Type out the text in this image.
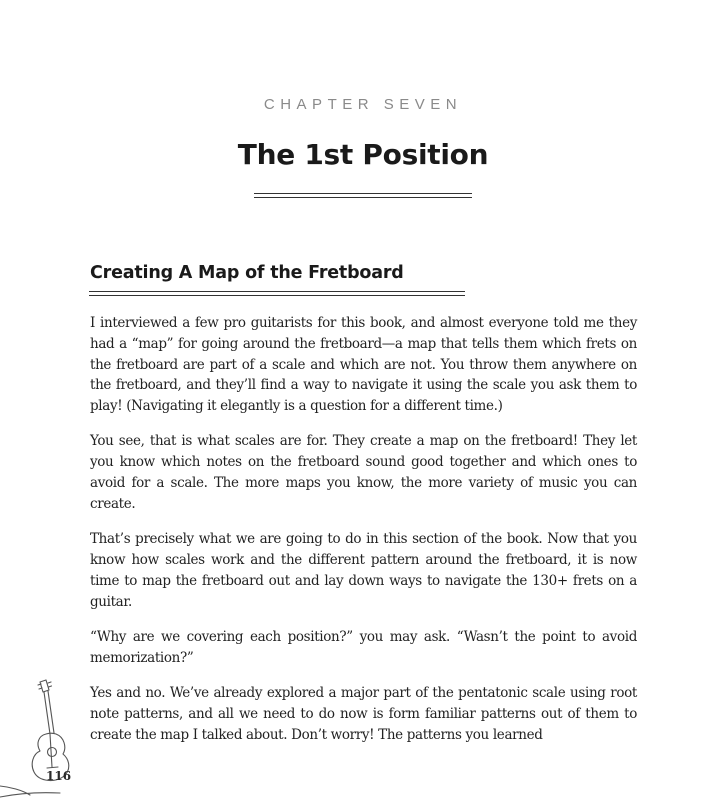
CHAPTER SEVEN
The 1st Position
Creating A Map of the Fretboard

I interviewed a few pro guitarists for this book, and almost everyone told me they had a “map” for going around the fretboard—a map that tells them which frets on the fretboard are part of a scale and which are not. You throw them anywhere on the fretboard, and they’ll find a way to navigate it using the scale you ask them to play! (Navigating it elegantly is a question for a different time.)

You see, that is what scales are for. They create a map on the fretboard! They let you know which notes on the fretboard sound good together and which ones to avoid for a scale. The more maps you know, the more variety of music you can create.

That’s precisely what we are going to do in this section of the book. Now that you know how scales work and the different pattern around the fretboard, it is now time to map the fretboard out and lay down ways to navigate the 130+ frets on a guitar.

“Why are we covering each position?” you may ask. “Wasn’t the point to avoid memorization?”

Yes and no. We’ve already explored a major part of the pentatonic scale using root note patterns, and all we need to do now is form familiar patterns out of them to create the map I talked about. Don’t worry! The patterns you learned

116
